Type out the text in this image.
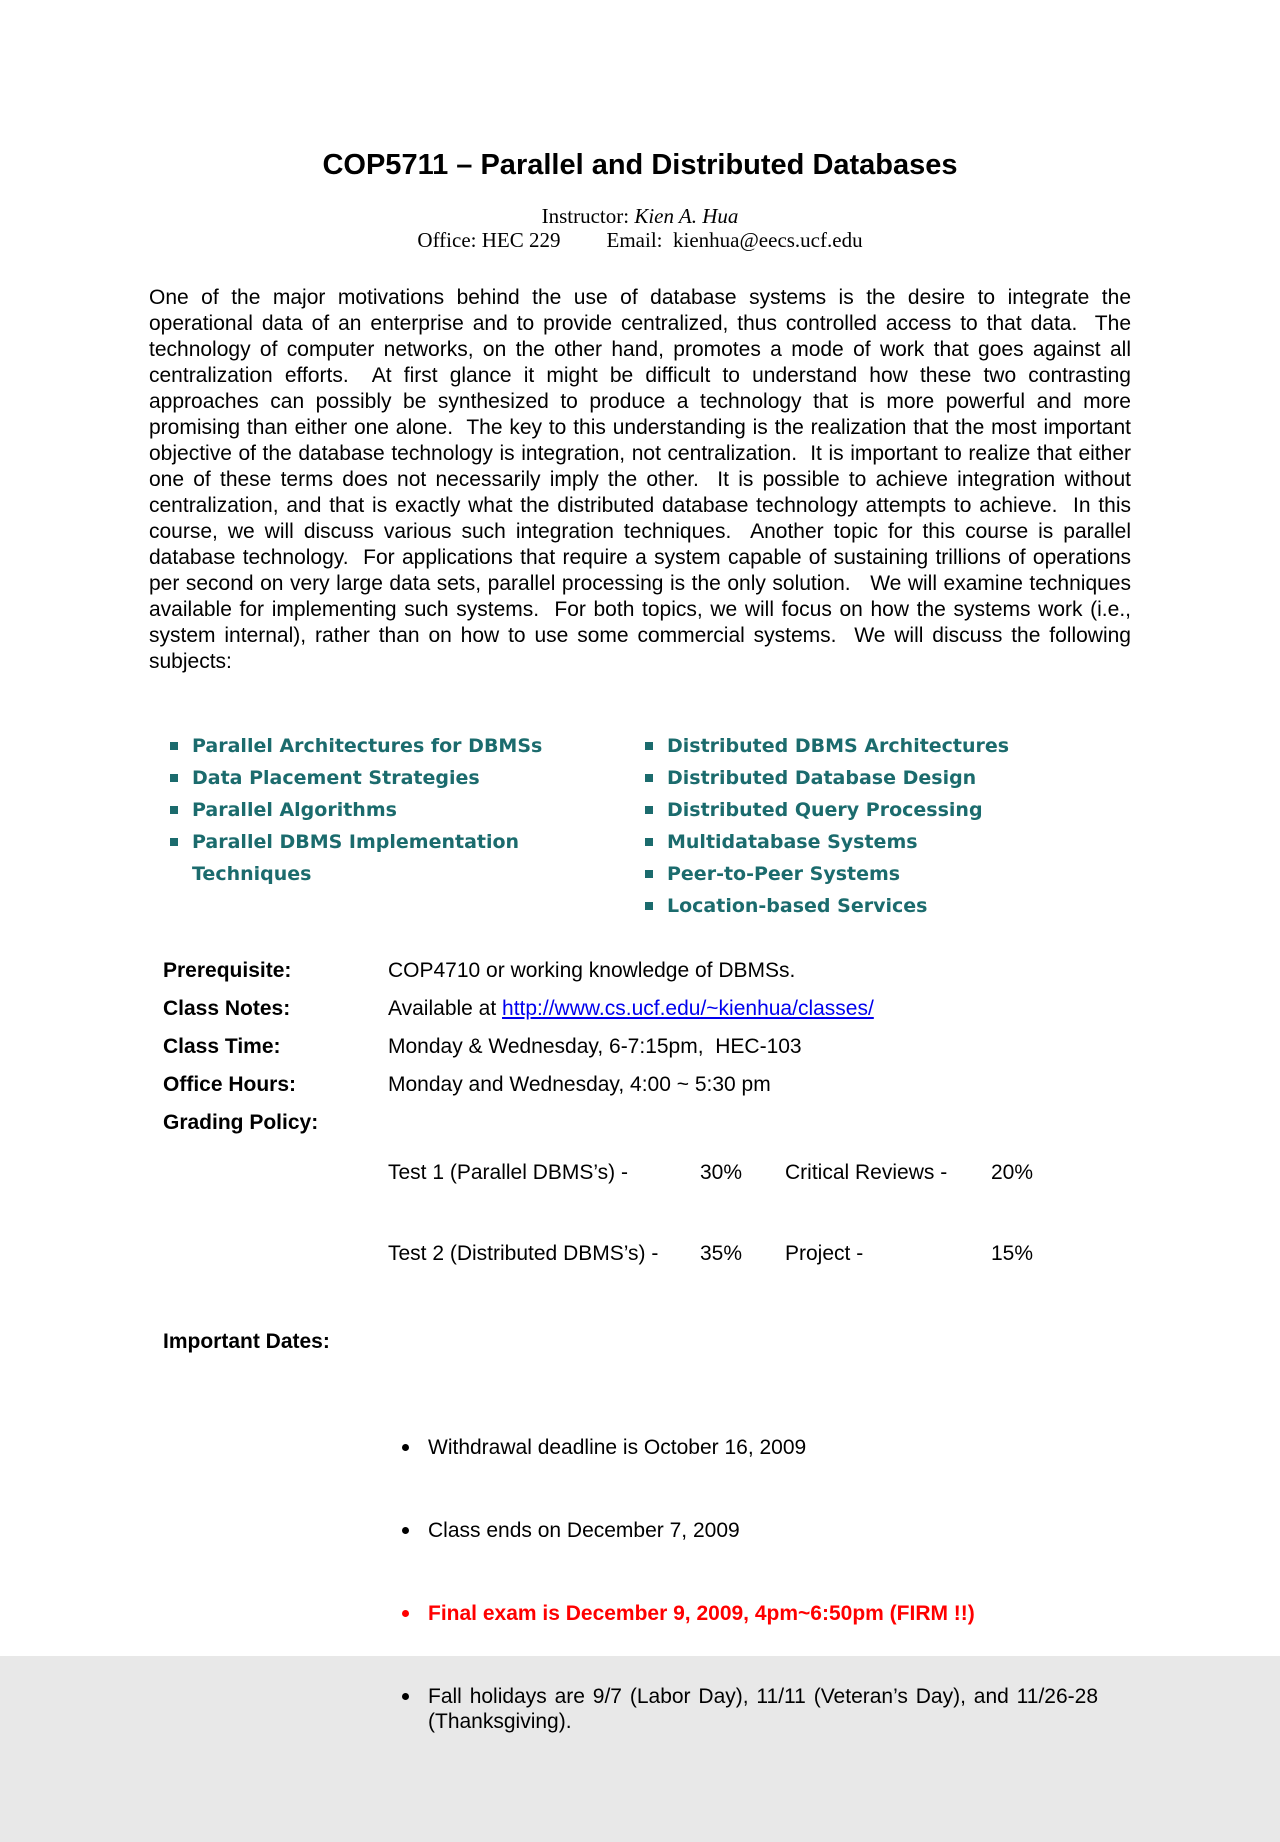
COP5711 – Parallel and Distributed Databases

Instructor: Kien A. Hua

Office: HEC 229 Email:  kienhua@eecs.ucf.edu

One of the major motivations behind the use of database systems is the desire to integrate the operational data of an enterprise and to provide centralized, thus controlled access to that data.  The technology of computer networks, on the other hand, promotes a mode of work that goes against all centralization efforts.  At first glance it might be difficult to understand how these two contrasting approaches can possibly be synthesized to produce a technology that is more powerful and more promising than either one alone.  The key to this understanding is the realization that the most important objective of the database technology is integration, not centralization.  It is important to realize that either one of these terms does not necessarily imply the other.  It is possible to achieve integration without centralization, and that is exactly what the distributed database technology attempts to achieve.  In this course, we will discuss various such integration techniques.  Another topic for this course is parallel database technology.  For applications that require a system capable of sustaining trillions of operations per second on very large data sets, parallel processing is the only solution.   We will examine techniques available for implementing such systems.  For both topics, we will focus on how the systems work (i.e., system internal), rather than on how to use some commercial systems.  We will discuss the following subjects:

Parallel Architectures for DBMSs
Data Placement Strategies
Parallel Algorithms
Parallel DBMS Implementation Techniques
Distributed DBMS Architectures
Distributed Database Design
Distributed Query Processing
Multidatabase Systems
Peer-to-Peer Systems
Location-based Services
Prerequisite:	COP4710 or working knowledge of DBMSs.
Class Notes:	Available at http://www.cs.ucf.edu/~kienhua/classes/
Class Time:	Monday & Wednesday, 6-7:15pm,  HEC-103
Office Hours:	Monday and Wednesday, 4:00 ~ 5:30 pm
Grading Policy:

Test 1 (Parallel DBMS’s) -	30%	Critical Reviews -	20%

Test 2 (Distributed DBMS’s) -	35%	Project -	15%

Important Dates:

Withdrawal deadline is October 16, 2009

Class ends on December 7, 2009

Final exam is December 9, 2009, 4pm~6:50pm (FIRM !!)

Fall holidays are 9/7 (Labor Day), 11/11 (Veteran’s Day), and 11/26-28 (Thanksgiving).
